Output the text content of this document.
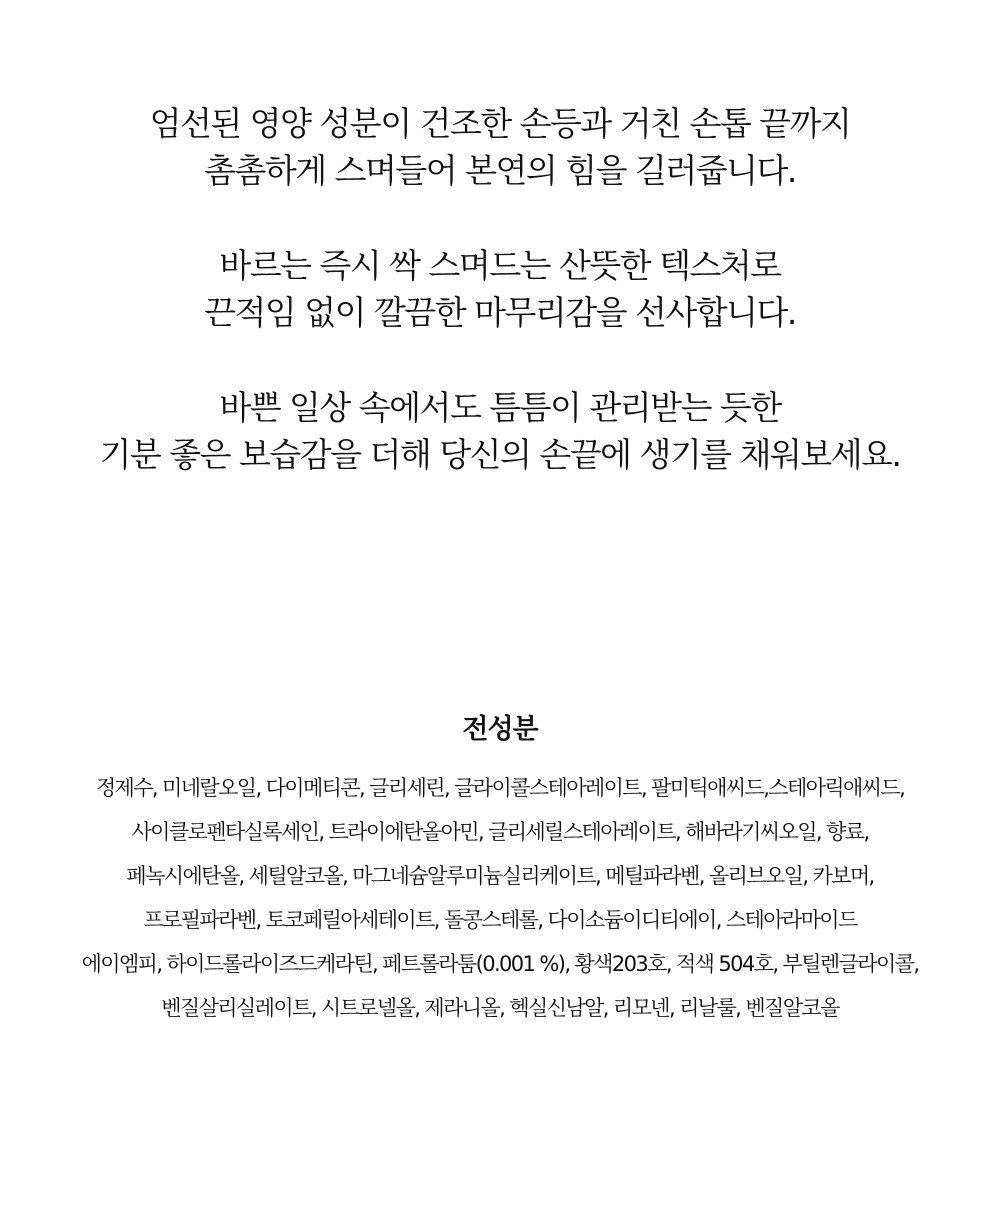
엄선된 영양 성분이 건조한 손등과 거친 손톱 끝까지
촘촘하게 스며들어 본연의 힘을 길러줍니다.

바르는 즉시 싹 스며드는 산뜻한 텍스처로
끈적임 없이 깔끔한 마무리감을 선사합니다.

바쁜 일상 속에서도 틈틈이 관리받는 듯한
기분 좋은 보습감을 더해 당신의 손끝에 생기를 채워보세요.

전성분
정제수, 미네랄오일, 다이메티콘, 글리세린, 글라이콜스테아레이트, 팔미틱애씨드,스테아릭애씨드,
사이클로펜타실록세인, 트라이에탄올아민, 글리세릴스테아레이트, 해바라기씨오일, 향료,
페녹시에탄올, 세틸알코올, 마그네슘알루미늄실리케이트, 메틸파라벤, 올리브오일, 카보머,
프로필파라벤, 토코페릴아세테이트, 돌콩스테롤, 다이소듐이디티에이, 스테아라마이드
에이엠피, 하이드롤라이즈드케라틴, 페트롤라툼(0.001 %), 황색203호, 적색 504호, 부틸렌글라이콜,
벤질살리실레이트, 시트로넬올, 제라니올, 헥실신남알, 리모넨, 리날룰, 벤질알코올
